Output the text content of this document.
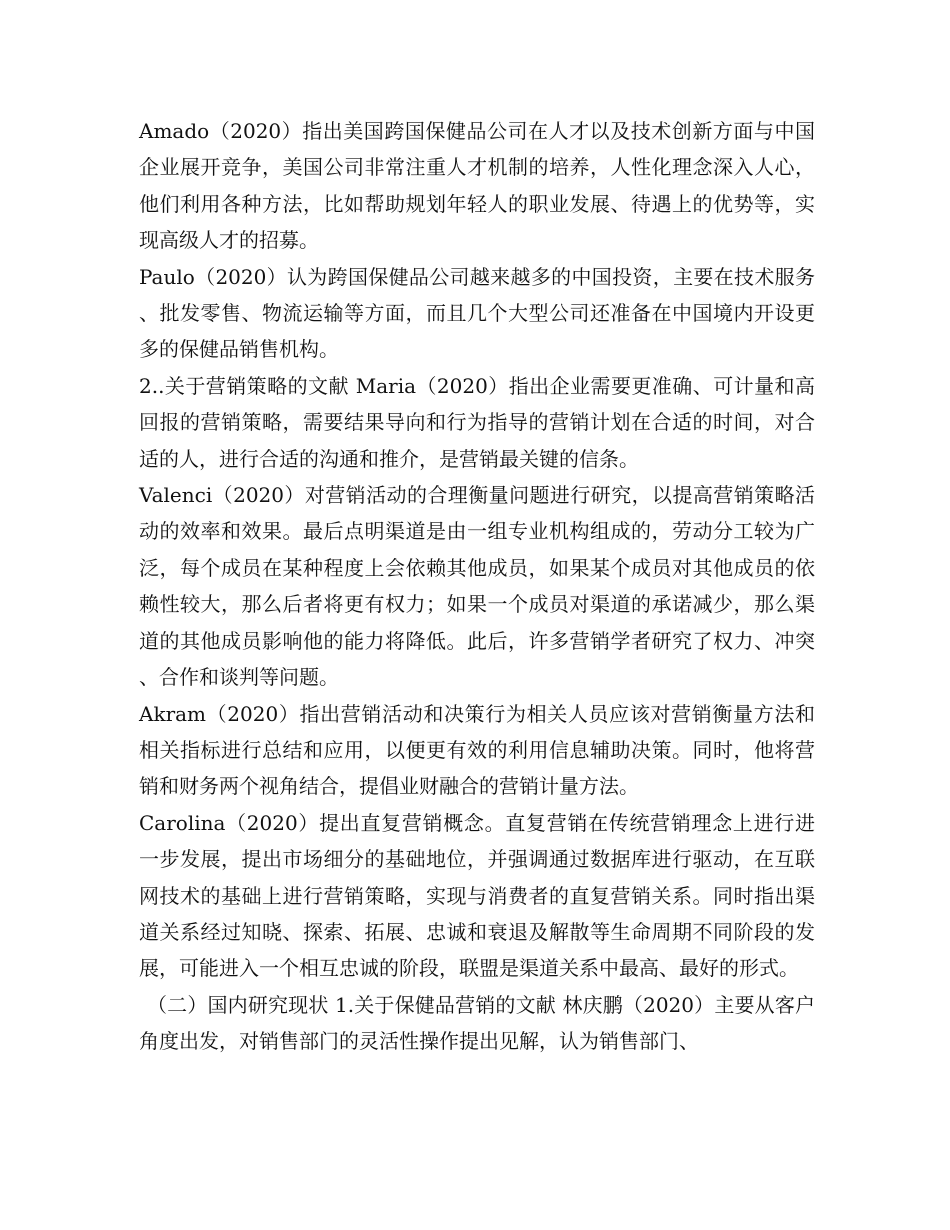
Amado（2020）指出美国跨国保健品公司在人才以及技术创新方面与中国企业展开竞争，美国公司非常注重人才机制的培养，人性化理念深入人心，他们利用各种方法，比如帮助规划年轻人的职业发展、待遇上的优势等，实现高级人才的招募。

Paulo（2020）认为跨国保健品公司越来越多的中国投资，主要在技术服务、批发零售、物流运输等方面，而且几个大型公司还准备在中国境内开设更多的保健品销售机构。

2..关于营销策略的文献 Maria（2020）指出企业需要更准确、可计量和高回报的营销策略，需要结果导向和行为指导的营销计划在合适的时间，对合适的人，进行合适的沟通和推介，是营销最关键的信条。

Valenci（2020）对营销活动的合理衡量问题进行研究，以提高营销策略活动的效率和效果。最后点明渠道是由一组专业机构组成的，劳动分工较为广泛，每个成员在某种程度上会依赖其他成员，如果某个成员对其他成员的依赖性较大，那么后者将更有权力；如果一个成员对渠道的承诺减少，那么渠道的其他成员影响他的能力将降低。此后，许多营销学者研究了权力、冲突、合作和谈判等问题。

Akram（2020）指出营销活动和决策行为相关人员应该对营销衡量方法和相关指标进行总结和应用，以便更有效的利用信息辅助决策。同时，他将营销和财务两个视角结合，提倡业财融合的营销计量方法。

Carolina（2020）提出直复营销概念。直复营销在传统营销理念上进行进一步发展，提出市场细分的基础地位，并强调通过数据库进行驱动，在互联网技术的基础上进行营销策略，实现与消费者的直复营销关系。同时指出渠道关系经过知晓、探索、拓展、忠诚和衰退及解散等生命周期不同阶段的发展，可能进入一个相互忠诚的阶段，联盟是渠道关系中最高、最好的形式。

（二）国内研究现状 1.关于保健品营销的文献 林庆鹏（2020）主要从客户角度出发，对销售部门的灵活性操作提出见解，认为销售部门、
